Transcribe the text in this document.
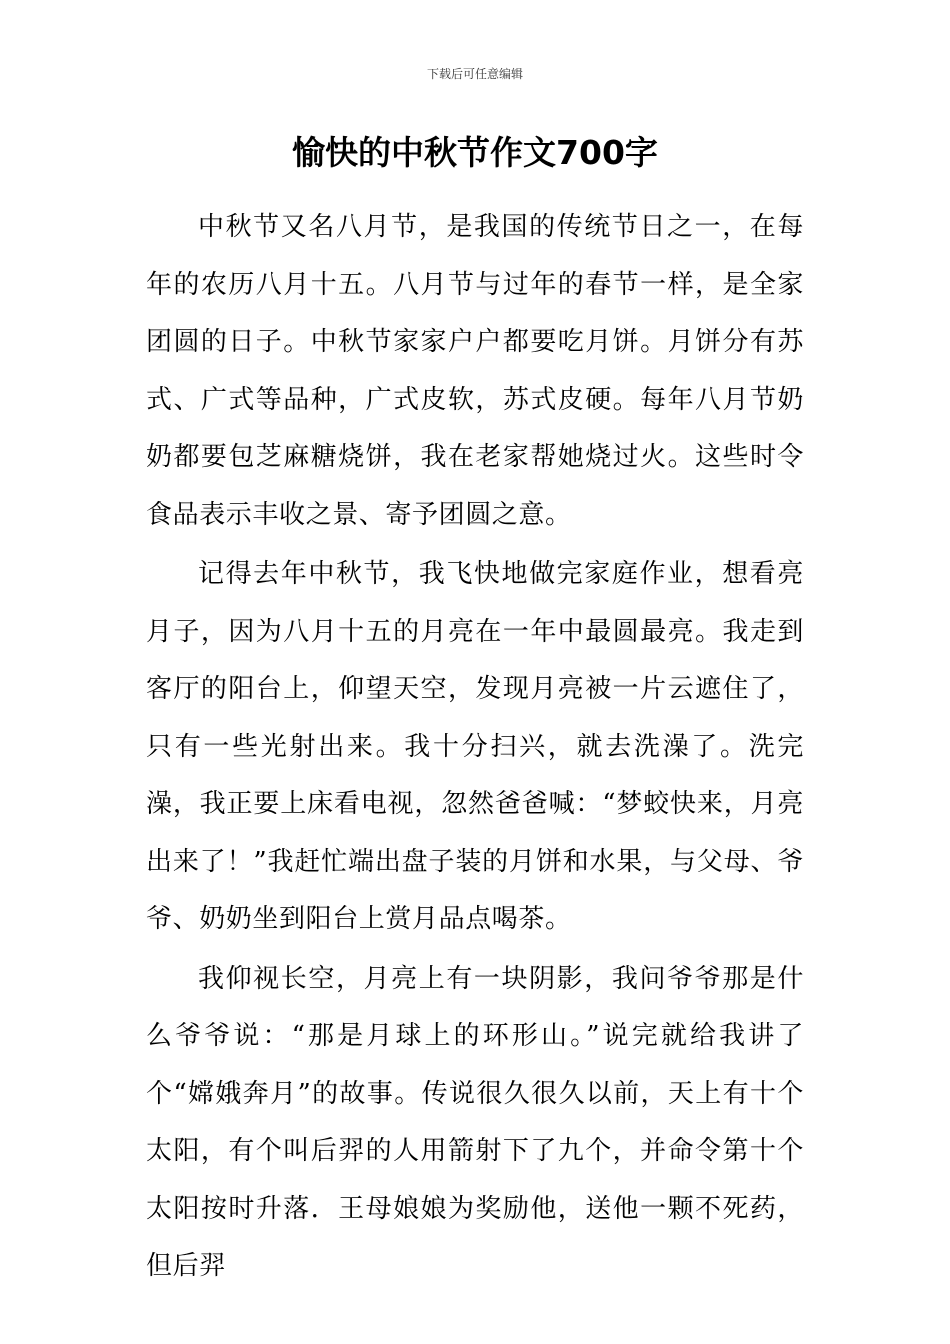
下载后可任意编辑
愉快的中秋节作文700字

中秋节又名八月节，是我国的传统节日之一，在每年的农历八月十五。八月节与过年的春节一样，是全家团圆的日子。中秋节家家户户都要吃月饼。月饼分有苏式、广式等品种，广式皮软，苏式皮硬。每年八月节奶奶都要包芝麻糖烧饼，我在老家帮她烧过火。这些时令食品表示丰收之景、寄予团圆之意。

记得去年中秋节，我飞快地做完家庭作业，想看亮月子，因为八月十五的月亮在一年中最圆最亮。我走到客厅的阳台上，仰望天空，发现月亮被一片云遮住了，只有一些光射出来。我十分扫兴，就去洗澡了。洗完澡，我正要上床看电视，忽然爸爸喊：“梦蛟快来，月亮出来了！”我赶忙端出盘子装的月饼和水果，与父母、爷爷、奶奶坐到阳台上赏月品点喝茶。

我仰视长空，月亮上有一块阴影，我问爷爷那是什么爷爷说：“那是月球上的环形山。”说完就给我讲了个“嫦娥奔月”的故事。传说很久很久以前，天上有十个太阳，有个叫后羿的人用箭射下了九个，并命令第十个太阳按时升落．王母娘娘为奖励他，送他一颗不死药，但后羿
